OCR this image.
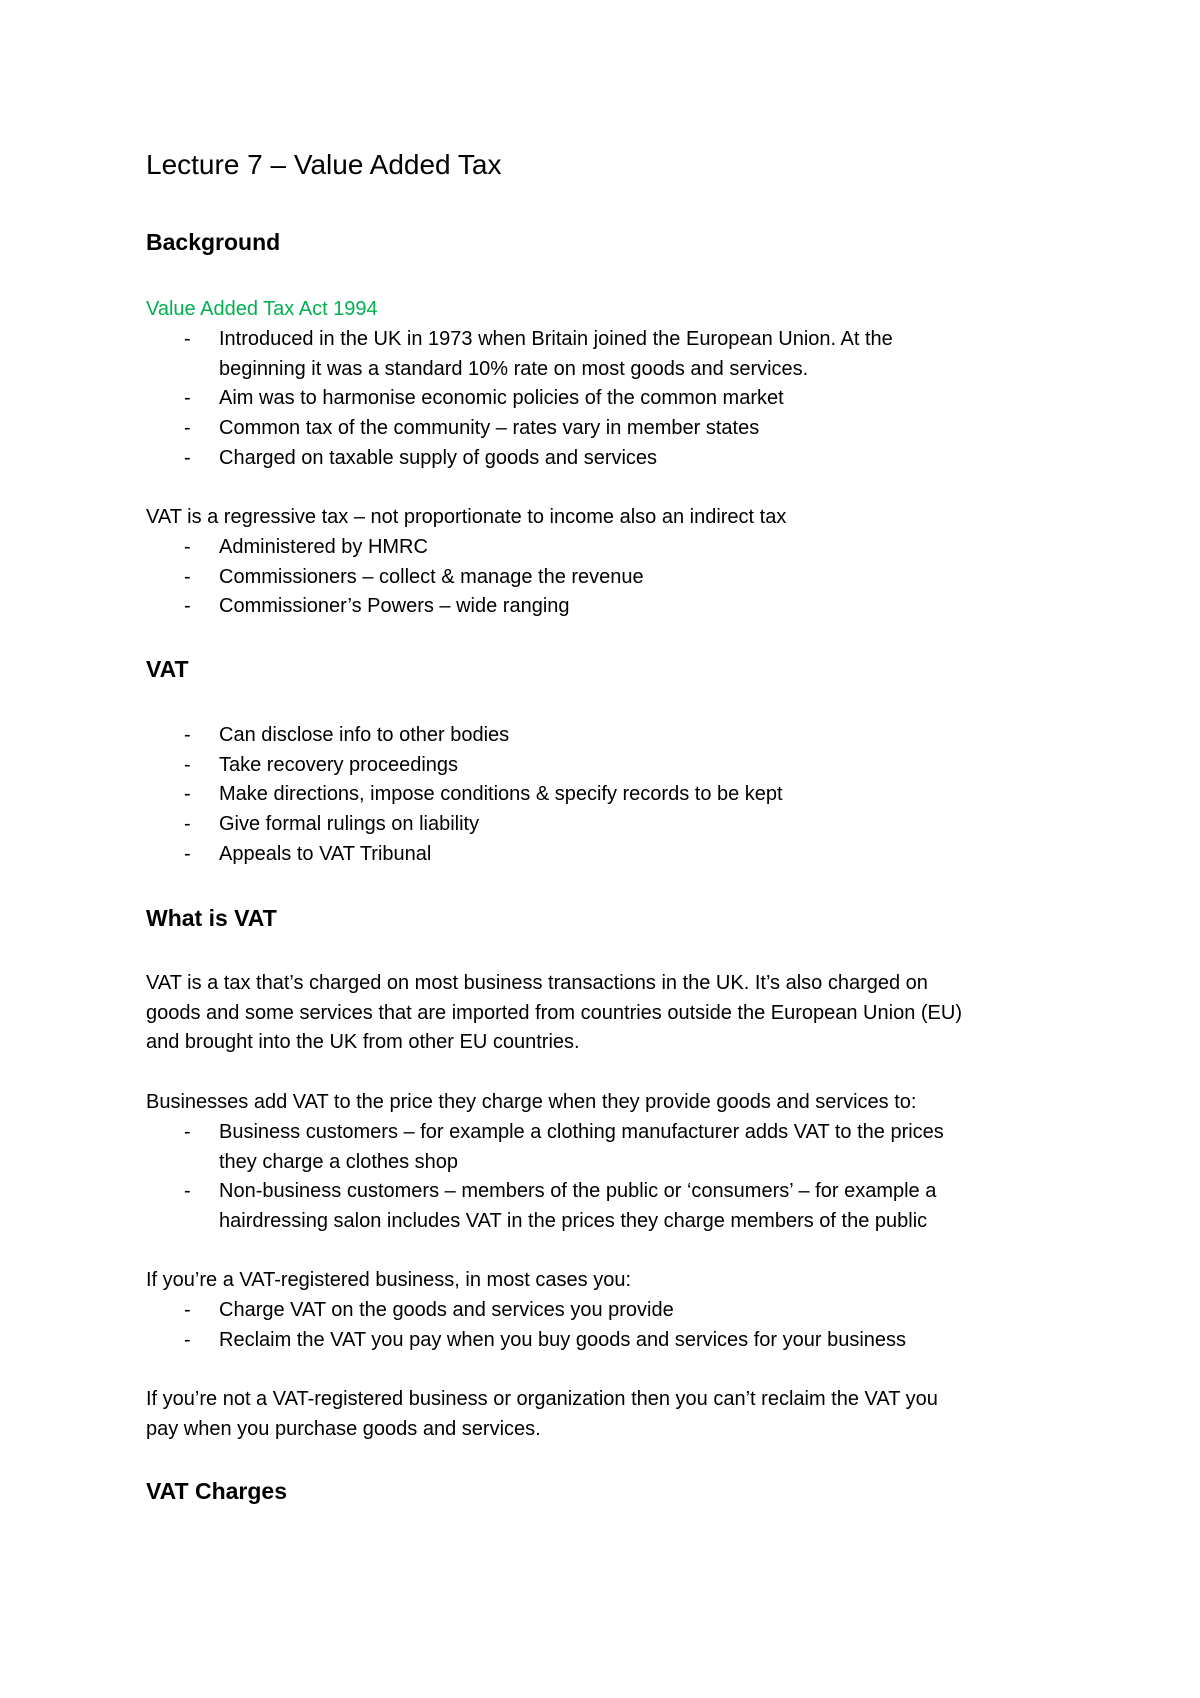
Lecture 7 – Value Added Tax
Background
Value Added Tax Act 1994
- Introduced in the UK in 1973 when Britain joined the European Union. At the
beginning it was a standard 10% rate on most goods and services.
- Aim was to harmonise economic policies of the common market
- Common tax of the community – rates vary in member states
- Charged on taxable supply of goods and services
VAT is a regressive tax – not proportionate to income also an indirect tax
- Administered by HMRC
- Commissioners – collect & manage the revenue
- Commissioner’s Powers – wide ranging
VAT
- Can disclose info to other bodies
- Take recovery proceedings
- Make directions, impose conditions & specify records to be kept
- Give formal rulings on liability
- Appeals to VAT Tribunal
What is VAT
VAT is a tax that’s charged on most business transactions in the UK. It’s also charged on
goods and some services that are imported from countries outside the European Union (EU)
and brought into the UK from other EU countries.
Businesses add VAT to the price they charge when they provide goods and services to:
- Business customers – for example a clothing manufacturer adds VAT to the prices
they charge a clothes shop
- Non-business customers – members of the public or ‘consumers’ – for example a
hairdressing salon includes VAT in the prices they charge members of the public
If you’re a VAT-registered business, in most cases you:
- Charge VAT on the goods and services you provide
- Reclaim the VAT you pay when you buy goods and services for your business
If you’re not a VAT-registered business or organization then you can’t reclaim the VAT you
pay when you purchase goods and services.
VAT Charges
